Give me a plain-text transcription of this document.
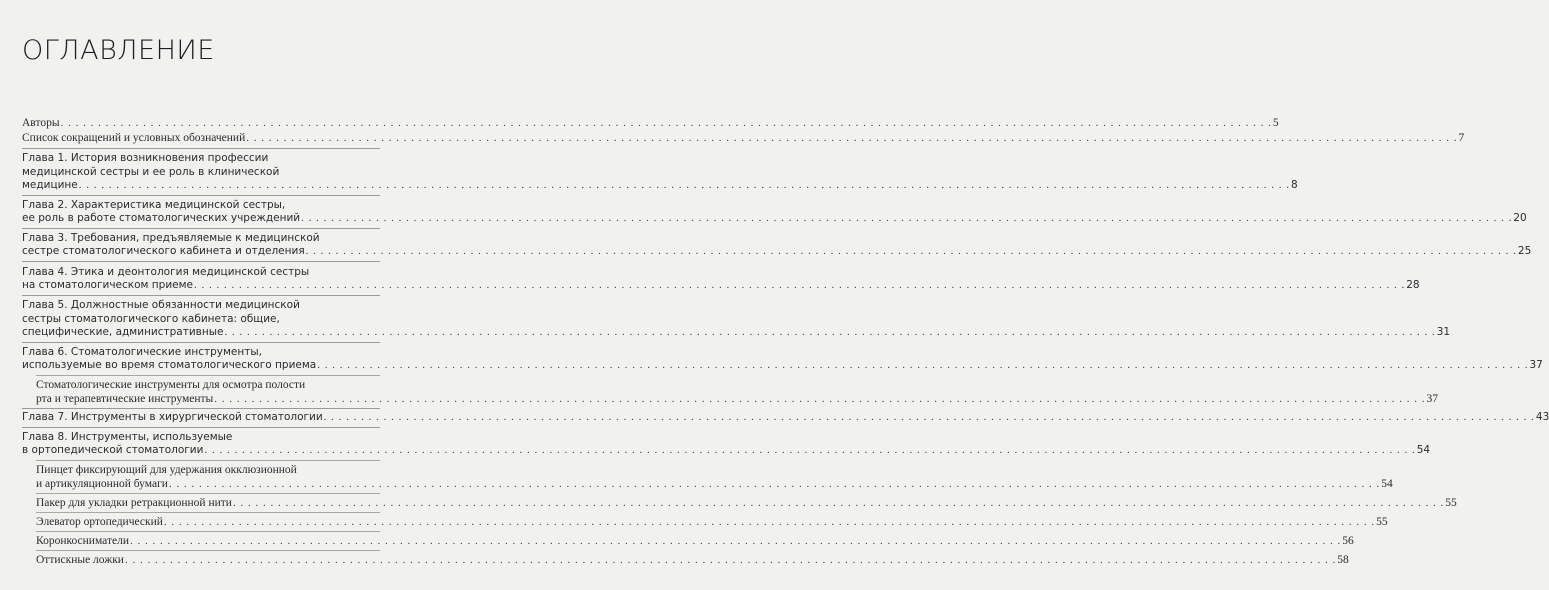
ОГЛАВЛЕНИЕ
Авторы . . .	5
Список сокращений и условных обозначений . . .	7
Глава 1. История возникновения профессии
медицинской сестры и ее роль в клинической
медицине . . .	8
Глава 2. Характеристика медицинской сестры,
ее роль в работе стоматологических учреждений . . .	20
Глава 3. Требования, предъявляемые к медицинской
сестре стоматологического кабинета и отделения . . .	25
Глава 4. Этика и деонтология медицинской сестры
на стоматологическом приеме . . .	28
Глава 5. Должностные обязанности медицинской
сестры стоматологического кабинета: общие,
специфические, административные . . .	31
Глава 6. Стоматологические инструменты,
используемые во время стоматологического приема . . .	37
Стоматологические инструменты для осмотра полости
рта и терапевтические инструменты . . .	37
Глава 7. Инструменты в хирургической стоматологии . . .	43
Глава 8. Инструменты, используемые
в ортопедической стоматологии . . .	54
Пинцет фиксирующий для удержания окклюзионной
и артикуляционной бумаги . . .	54
Пакер для укладки ретракционной нити . . .	55
Элеватор ортопедический . . .	55
Коронкосниматели . . .	56
Оттискные ложки . . .	58
